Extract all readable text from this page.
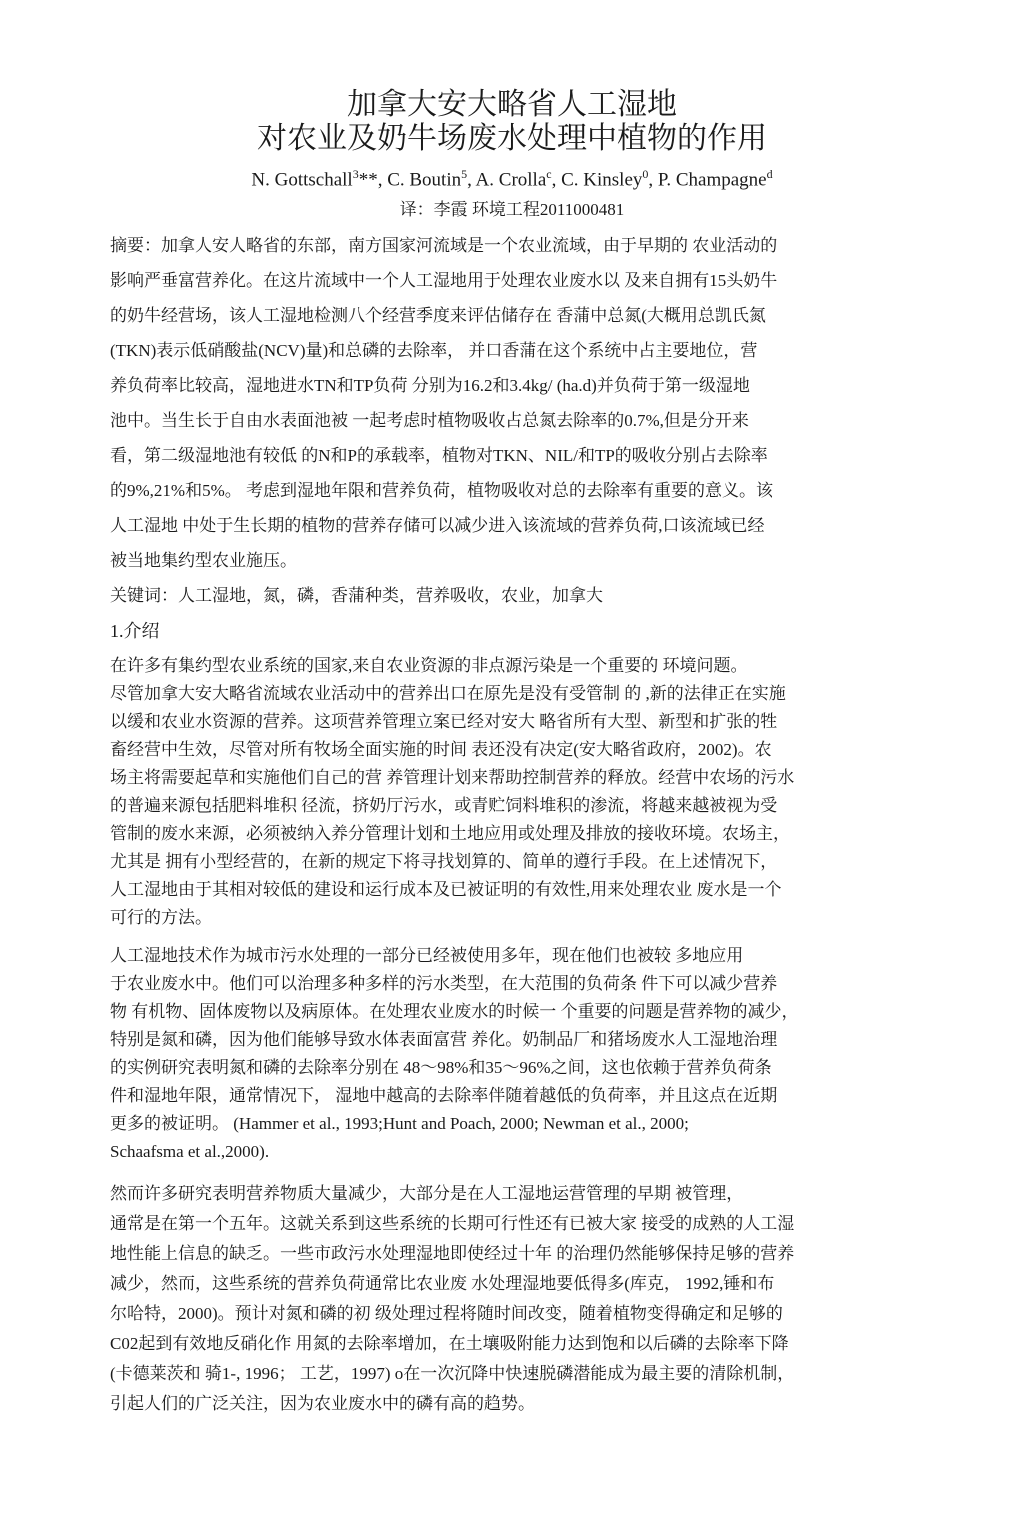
加拿大安大略省人工湿地
对农业及奶牛场废水处理中植物的作用
N. Gottschall$^3$**, C. Boutin$^5$, A. Crolla$^c$, C. Kinsley$^0$, P. Champagne$^d$
译：李霞 环境工程2011000481
摘要：加拿人安人略省的东部，南方国家河流域是一个农业流域，由于早期的 农业活动的
影响严垂富营养化。在这片流域中一个人工湿地用于处理农业废水以 及来自拥有15头奶牛
的奶牛经营场，该人工湿地检测八个经营季度来评估储存在 香蒲中总氮(大概用总凯氏氮
(TKN)表示低硝酸盐(NCV)量)和总磷的去除率， 并口香蒲在这个系统中占主要地位，营
养负荷率比较高，湿地进水TN和TP负荷 分别为16.2和3.4kg/ (ha.d)并负荷于第一级湿地
池中。当生长于自由水表面池被 一起考虑时植物吸收占总氮去除率的0.7%,但是分开来
看，第二级湿地池有较低 的N和P的承载率，植物对TKN、NIL/和TP的吸收分别占去除率
的9%,21%和5%。 考虑到湿地年限和营养负荷，植物吸收对总的去除率有重要的意义。该
人工湿地 中处于生长期的植物的营养存储可以减少进入该流域的营养负荷,口该流域已经
被当地集约型农业施压。
关键词：人工湿地，氮，磷，香蒲种类，营养吸收，农业，加拿大
1.介绍
在许多有集约型农业系统的国家,来自农业资源的非点源污染是一个重要的 环境问题。
尽管加拿大安大略省流域农业活动中的营养出口在原先是没有受管制 的 ,新的法律正在实施
以缓和农业水资源的营养。这项营养管理立案已经对安大 略省所有大型、新型和扩张的牲
畜经营中生效，尽管对所有牧场全面实施的时间 表还没有决定(安大略省政府，2002)。农
场主将需要起草和实施他们自己的营 养管理计划来帮助控制营养的释放。经营中农场的污水
的普遍来源包括肥料堆积 径流，挤奶厅污水，或青贮饲料堆积的渗流，将越来越被视为受
管制的废水来源，必须被纳入养分管理计划和土地应用或处理及排放的接收环境。农场主，
尤其是 拥有小型经营的，在新的规定下将寻找划算的、简单的遵行手段。在上述情况下，
人工湿地由于其相对较低的建设和运行成本及已被证明的有效性,用来处理农业 废水是一个
可行的方法。
人工湿地技术作为城市污水处理的一部分已经被使用多年，现在他们也被较 多地应用
于农业废水中。他们可以治理多种多样的污水类型，在大范围的负荷条 件下可以减少营养
物 有机物、固体废物以及病原体。在处理农业废水的时候一 个重要的问题是营养物的减少，
特别是氮和磷，因为他们能够导致水体表面富营 养化。奶制品厂和猪场废水人工湿地治理
的实例研究表明氮和磷的去除率分别在 48～98%和35～96%之间，这也依赖于营养负荷条
件和湿地年限，通常情况下， 湿地中越高的去除率伴随着越低的负荷率，并且这点在近期
更多的被证明。 (Hammer et al., 1993;Hunt and Poach, 2000; Newman et al., 2000;
Schaafsma et al.,2000).
然而许多研究表明营养物质大量减少，大部分是在人工湿地运营管理的早期 被管理，
通常是在第一个五年。这就关系到这些系统的长期可行性还有已被大家 接受的成熟的人工湿
地性能上信息的缺乏。一些市政污水处理湿地即使经过十年 的治理仍然能够保持足够的营养
减少，然而，这些系统的营养负荷通常比农业废 水处理湿地要低得多(库克， 1992,锤和布
尔哈特，2000)。预计对氮和磷的初 级处理过程将随时间改变，随着植物变得确定和足够的
C02起到有效地反硝化作 用氮的去除率增加，在土壤吸附能力达到饱和以后磷的去除率下降
(卡德莱茨和 骑1-, 1996； 工艺，1997) o在一次沉降中快速脱磷潜能成为最主要的清除机制，
引起人们的广泛关注，因为农业废水中的磷有高的趋势。
